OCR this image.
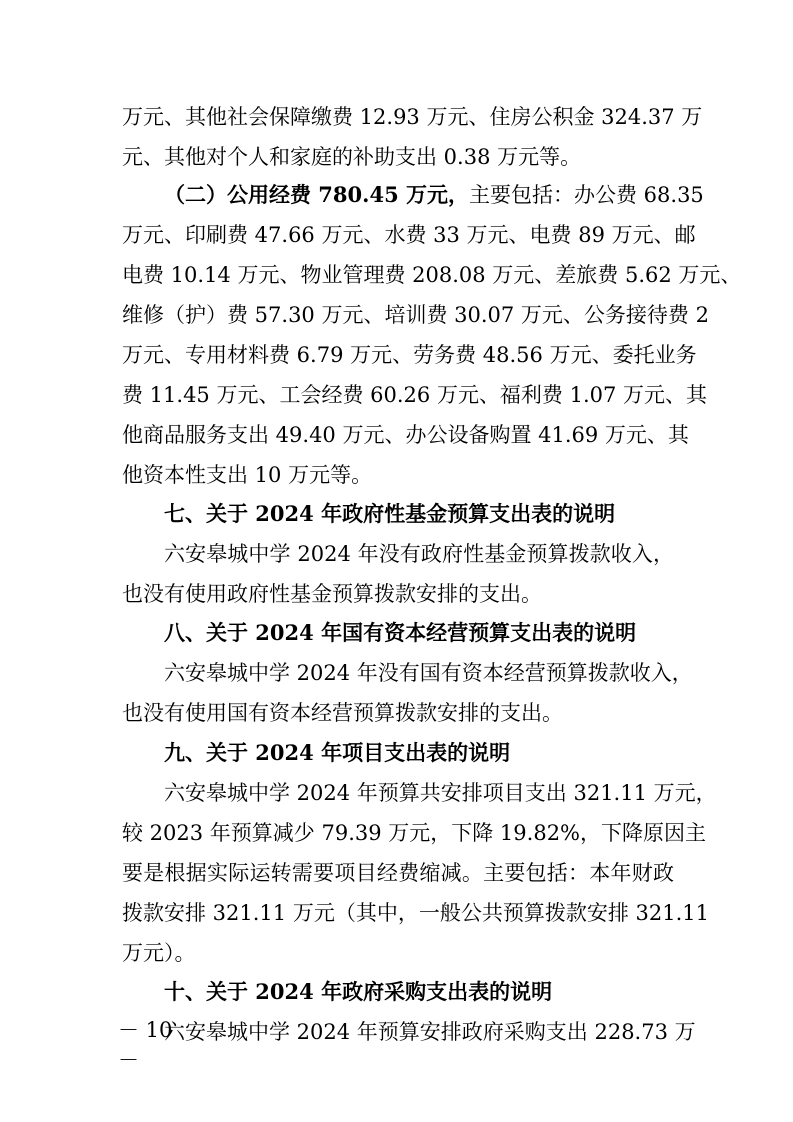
万元、其他社会保障缴费 12.93 万元、住房公积金 324.37 万
元、其他对个人和家庭的补助支出 0.38 万元等。
（二）公用经费 780.45 万元，主要包括：办公费 68.35
万元、印刷费 47.66 万元、水费 33 万元、电费 89 万元、邮
电费 10.14 万元、物业管理费 208.08 万元、差旅费 5.62 万元、
维修（护）费 57.30 万元、培训费 30.07 万元、公务接待费 2
万元、专用材料费 6.79 万元、劳务费 48.56 万元、委托业务
费 11.45 万元、工会经费 60.26 万元、福利费 1.07 万元、其
他商品服务支出 49.40 万元、办公设备购置 41.69 万元、其
他资本性支出 10 万元等。
七、关于 2024 年政府性基金预算支出表的说明
六安皋城中学 2024 年没有政府性基金预算拨款收入，
也没有使用政府性基金预算拨款安排的支出。
八、关于 2024 年国有资本经营预算支出表的说明
六安皋城中学 2024 年没有国有资本经营预算拨款收入，
也没有使用国有资本经营预算拨款安排的支出。
九、关于 2024 年项目支出表的说明
六安皋城中学 2024 年预算共安排项目支出 321.11 万元，
较 2023 年预算减少 79.39 万元，下降 19.82%，下降原因主
要是根据实际运转需要项目经费缩减。主要包括：本年财政
拨款安排 321.11 万元（其中，一般公共预算拨款安排 321.11
万元）。
十、关于 2024 年政府采购支出表的说明
六安皋城中学 2024 年预算安排政府采购支出 228.73 万
－ 10 －
